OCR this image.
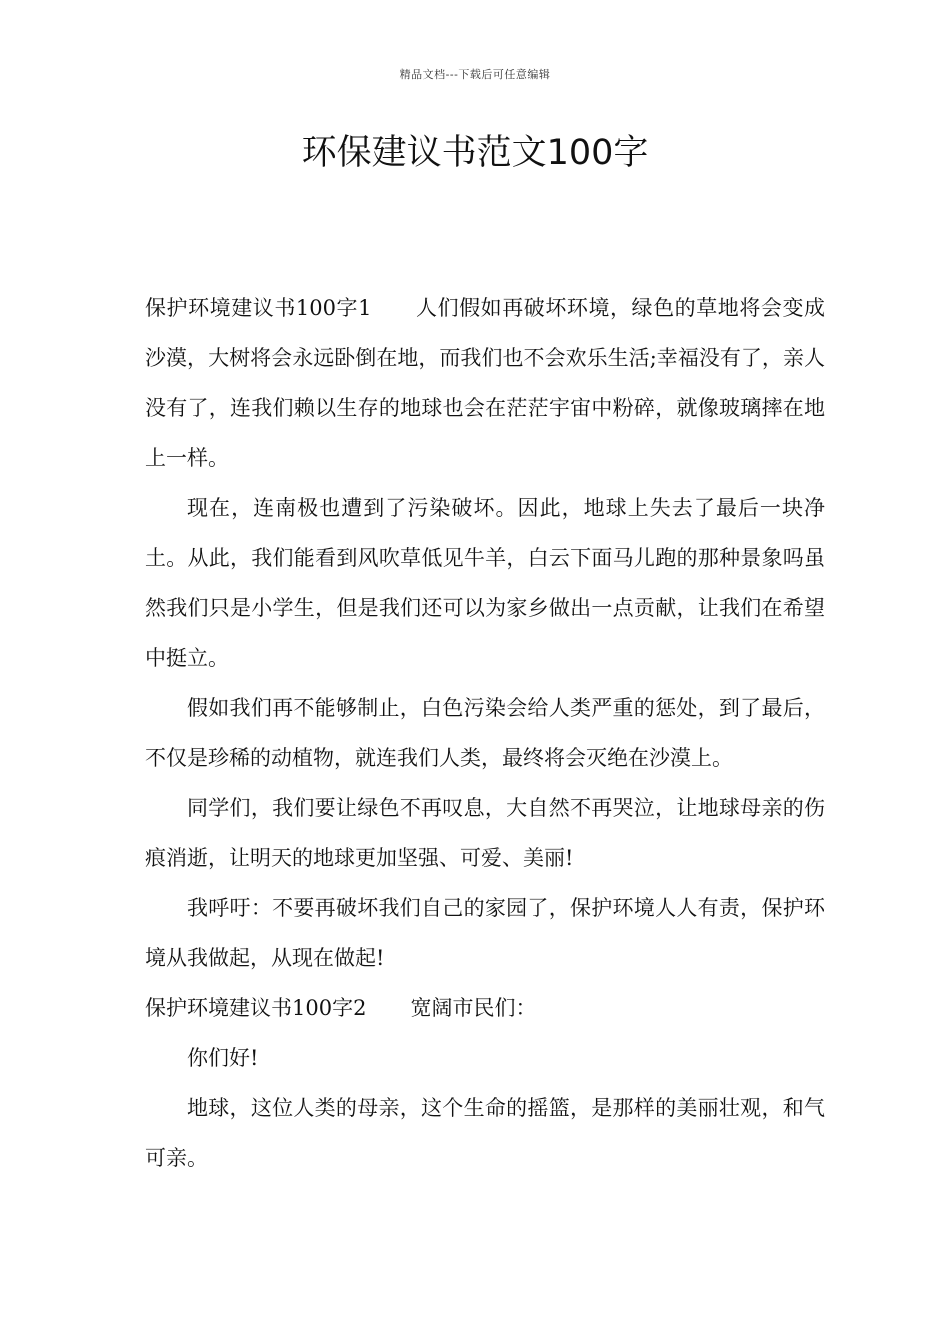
精品文档---下载后可任意编辑
环保建议书范文100字

保护环境建议书100字1 人们假如再破坏环境，绿色的草地将会变成沙漠，大树将会永远卧倒在地，而我们也不会欢乐生活;幸福没有了，亲人没有了，连我们赖以生存的地球也会在茫茫宇宙中粉碎，就像玻璃摔在地上一样。

现在，连南极也遭到了污染破坏。因此，地球上失去了最后一块净土。从此，我们能看到风吹草低见牛羊，白云下面马儿跑的那种景象吗虽然我们只是小学生，但是我们还可以为家乡做出一点贡献，让我们在希望中挺立。

假如我们再不能够制止，白色污染会给人类严重的惩处，到了最后，不仅是珍稀的动植物，就连我们人类，最终将会灭绝在沙漠上。

同学们，我们要让绿色不再叹息，大自然不再哭泣，让地球母亲的伤痕消逝，让明天的地球更加坚强、可爱、美丽!

我呼吁：不要再破坏我们自己的家园了，保护环境人人有责，保护环境从我做起，从现在做起!

保护环境建议书100字2 宽阔市民们：

你们好!

地球，这位人类的母亲，这个生命的摇篮，是那样的美丽壮观，和气可亲。
